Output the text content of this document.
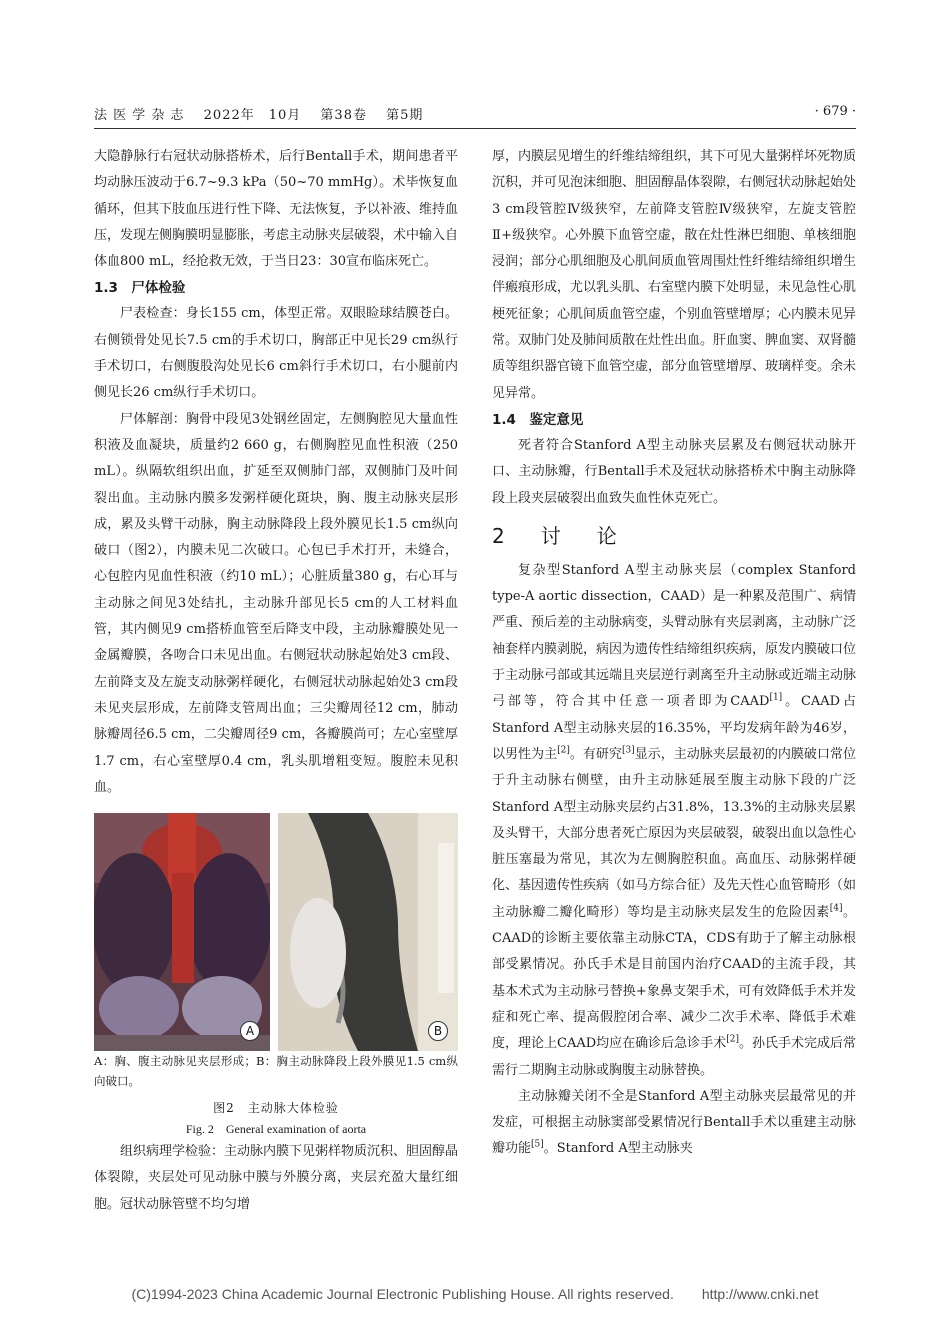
法 医 学 杂 志　 2022年　10月　 第38卷　 第5期	· 679 ·

大隐静脉行右冠状动脉搭桥术，后行Bentall手术，期间患者平均动脉压波动于6.7~9.3 kPa（50~70 mmHg）。术毕恢复血循环，但其下肢血压进行性下降、无法恢复，予以补液、维持血压，发现左侧胸膜明显膨胀，考虑主动脉夹层破裂，术中输入自体血800 mL，经抢救无效，于当日23：30宣布临床死亡。

1.3　尸体检验

尸表检查：身长155 cm，体型正常。双眼睑球结膜苍白。右侧锁骨处见长7.5 cm的手术切口，胸部正中见长29 cm纵行手术切口，右侧腹股沟处见长6 cm斜行手术切口，右小腿前内侧见长26 cm纵行手术切口。

尸体解剖：胸骨中段见3处钢丝固定，左侧胸腔见大量血性积液及血凝块，质量约2 660 g，右侧胸腔见血性积液（250 mL）。纵隔软组织出血，扩延至双侧肺门部，双侧肺门及叶间裂出血。主动脉内膜多发粥样硬化斑块，胸、腹主动脉夹层形成，累及头臂干动脉，胸主动脉降段上段外膜见长1.5 cm纵向破口（图2），内膜未见二次破口。心包已手术打开，未缝合，心包腔内见血性积液（约10 mL）；心脏质量380 g，右心耳与主动脉之间见3处结扎，主动脉升部见长5 cm的人工材料血管，其内侧见9 cm搭桥血管至后降支中段，主动脉瓣膜处见一金属瓣膜，各吻合口未见出血。右侧冠状动脉起始处3 cm段、左前降支及左旋支动脉粥样硬化，右侧冠状动脉起始处3 cm段未见夹层形成，左前降支管周出血；三尖瓣周径12 cm，肺动脉瓣周径6.5 cm，二尖瓣周径9 cm，各瓣膜尚可；左心室壁厚1.7 cm，右心室壁厚0.4 cm，乳头肌增粗变短。腹腔未见积血。

A	B

A：胸、腹主动脉见夹层形成；B：胸主动脉降段上段外膜见1.5 cm纵向破口。

图2　主动脉大体检验
Fig. 2　General examination of aorta

组织病理学检验：主动脉内膜下见粥样物质沉积、胆固醇晶体裂隙，夹层处可见动脉中膜与外膜分离，夹层充盈大量红细胞。冠状动脉管壁不均匀增

厚，内膜层见增生的纤维结缔组织，其下可见大量粥样坏死物质沉积，并可见泡沫细胞、胆固醇晶体裂隙，右侧冠状动脉起始处3 cm段管腔Ⅳ级狭窄，左前降支管腔Ⅳ级狭窄，左旋支管腔Ⅱ+级狭窄。心外膜下血管空虚，散在灶性淋巴细胞、单核细胞浸润；部分心肌细胞及心肌间质血管周围灶性纤维结缔组织增生伴瘢痕形成，尤以乳头肌、右室壁内膜下处明显，未见急性心肌梗死征象；心肌间质血管空虚，个别血管壁增厚；心内膜未见异常。双肺门处及肺间质散在灶性出血。肝血窦、脾血窦、双肾髓质等组织器官镜下血管空虚，部分血管壁增厚、玻璃样变。余未见异常。

1.4　鉴定意见

死者符合Stanford A型主动脉夹层累及右侧冠状动脉开口、主动脉瓣，行Bentall手术及冠状动脉搭桥术中胸主动脉降段上段夹层破裂出血致失血性休克死亡。

2　讨　论

复杂型Stanford A型主动脉夹层（complex Stanford type-A aortic dissection，CAAD）是一种累及范围广、病情严重、预后差的主动脉病变，头臂动脉有夹层剥离，主动脉广泛袖套样内膜剥脱，病因为遗传性结缔组织疾病，原发内膜破口位于主动脉弓部或其远端且夹层逆行剥离至升主动脉或近端主动脉弓部等，符合其中任意一项者即为CAAD[1]。CAAD占Stanford A型主动脉夹层的16.35%，平均发病年龄为46岁，以男性为主[2]。有研究[3]显示，主动脉夹层最初的内膜破口常位于升主动脉右侧壁，由升主动脉延展至腹主动脉下段的广泛Stanford A型主动脉夹层约占31.8%，13.3%的主动脉夹层累及头臂干，大部分患者死亡原因为夹层破裂，破裂出血以急性心脏压塞最为常见，其次为左侧胸腔积血。高血压、动脉粥样硬化、基因遗传性疾病（如马方综合征）及先天性心血管畸形（如主动脉瓣二瓣化畸形）等均是主动脉夹层发生的危险因素[4]。CAAD的诊断主要依靠主动脉CTA，CDS有助于了解主动脉根部受累情况。孙氏手术是目前国内治疗CAAD的主流手段，其基本术式为主动脉弓替换+象鼻支架手术，可有效降低手术并发症和死亡率、提高假腔闭合率、减少二次手术率、降低手术难度，理论上CAAD均应在确诊后急诊手术[2]。孙氏手术完成后常需行二期胸主动脉或胸腹主动脉替换。

主动脉瓣关闭不全是Stanford A型主动脉夹层最常见的并发症，可根据主动脉窦部受累情况行Bentall手术以重建主动脉瓣功能[5]。Stanford A型主动脉夹

(C)1994-2023 China Academic Journal Electronic Publishing House. All rights reserved.　　http://www.cnki.net
